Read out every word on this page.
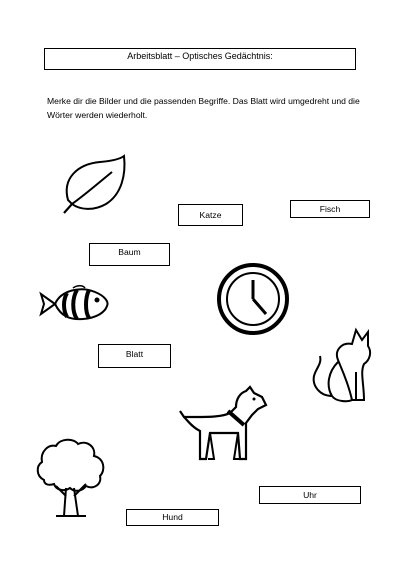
Arbeitsblatt – Optisches Gedächtnis:
Merke dir die Bilder und die passenden Begriffe. Das Blatt wird umgedreht und die Wörter werden wiederholt.
Katze
Fisch
Baum
Blatt
Uhr
Hund
